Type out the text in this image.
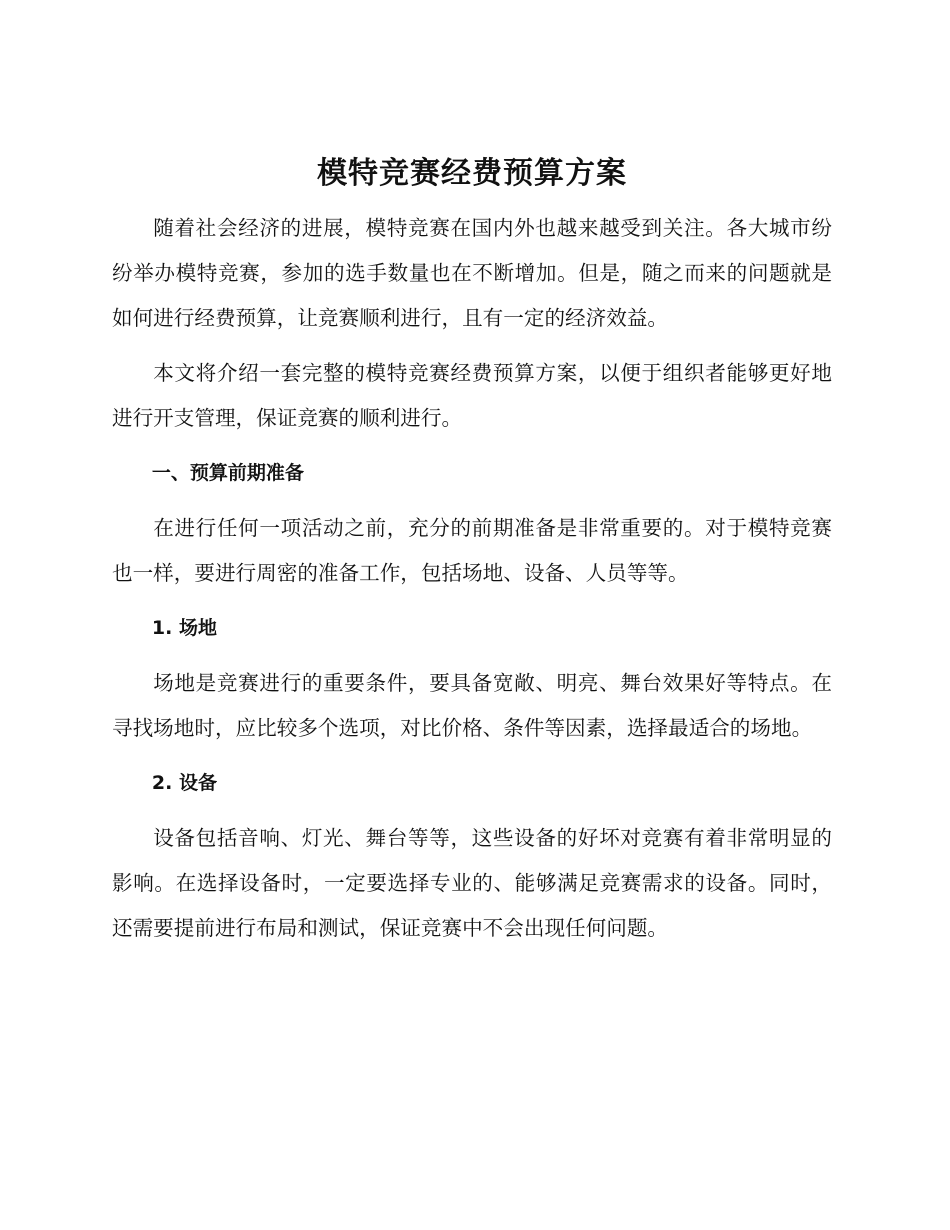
模特竞赛经费预算方案

随着社会经济的进展，模特竞赛在国内外也越来越受到关注。各大城市纷纷举办模特竞赛，参加的选手数量也在不断增加。但是，随之而来的问题就是如何进行经费预算，让竞赛顺利进行，且有一定的经济效益。

本文将介绍一套完整的模特竞赛经费预算方案，以便于组织者能够更好地进行开支管理，保证竞赛的顺利进行。

一、预算前期准备

在进行任何一项活动之前，充分的前期准备是非常重要的。对于模特竞赛也一样，要进行周密的准备工作，包括场地、设备、人员等等。

1. 场地

场地是竞赛进行的重要条件，要具备宽敞、明亮、舞台效果好等特点。在寻找场地时，应比较多个选项，对比价格、条件等因素，选择最适合的场地。

2. 设备

设备包括音响、灯光、舞台等等，这些设备的好坏对竞赛有着非常明显的影响。在选择设备时，一定要选择专业的、能够满足竞赛需求的设备。同时，还需要提前进行布局和测试，保证竞赛中不会出现任何问题。
